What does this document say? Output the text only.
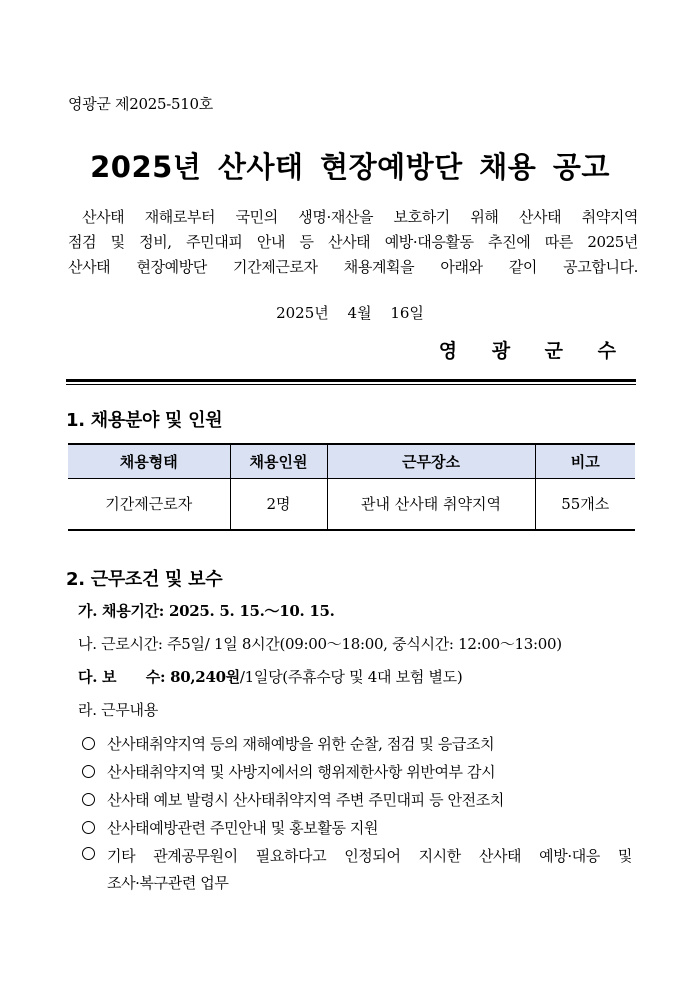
영광군 제2025-510호
2025년 산사태 현장예방단 채용 공고

산사태 재해로부터 국민의 생명·재산을 보호하기 위해 산사태 취약지역

점검 및 정비, 주민대피 안내 등 산사태 예방·대응활동 추진에 따른 2025년

산사태 현장예방단 기간제근로자 채용계획을 아래와 같이 공고합니다.

2025년 4월 16일
영 광 군 수
1. 채용분야 및 인원
채용형태	채용인원	근무장소	비고
기간제근로자	2명	관내 산사태 취약지역	55개소
2. 근무조건 및 보수
가. 채용기간: 2025. 5. 15.～10. 15.
나. 근로시간: 주5일/ 1일 8시간(09:00～18:00, 중식시간: 12:00～13:00)
다. 보      수: 80,240원/1일당(주휴수당 및 4대 보험 별도)
라. 근무내용
산사태취약지역 등의 재해예방을 위한 순찰, 점검 및 응급조치
산사태취약지역 및 사방지에서의 행위제한사항 위반여부 감시
산사태 예보 발령시 산사태취약지역 주변 주민대피 등 안전조치
산사태예방관련 주민안내 및 홍보활동 지원
기타 관계공무원이 필요하다고 인정되어 지시한 산사태 예방·대응 및
조사·복구관련 업무
